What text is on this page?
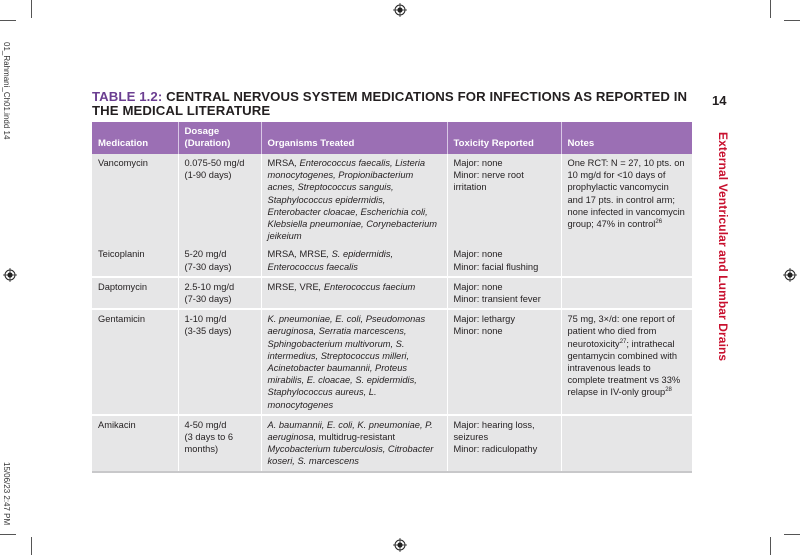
01_Rahmani_Ch01.indd 14
15/06/23 2:47 PM
14
External Ventricular and Lumbar Drains
TABLE 1.2: CENTRAL NERVOUS SYSTEM MEDICATIONS FOR INFECTIONS AS REPORTED IN THE MEDICAL LITERATURE
Medication	Dosage (Duration)	Organisms Treated	Toxicity Reported	Notes
Vancomycin	0.075-50 mg/d
(1-90 days)	MRSA, Enterococcus faecalis, Listeria monocytogenes, Propionibacterium acnes, Streptococcus sanguis, Staphylococcus epidermidis, Enterobacter cloacae, Escherichia coli, Klebsiella pneumoniae, Corynebacterium jeikeium	Major: none
Minor: nerve root irritation	One RCT: N = 27, 10 pts. on 10 mg/d for <10 days of prophylactic vancomycin and 17 pts. in control arm; none infected in vancomycin group; 47% in control$^{26}$
Teicoplanin	5-20 mg/d
(7-30 days)	MRSA, MRSE, S. epidermidis, Enterococcus faecalis	Major: none
Minor: facial flushing	
Daptomycin	2.5-10 mg/d
(7-30 days)	MRSE, VRE, Enterococcus faecium	Major: none
Minor: transient fever	
Gentamicin	1-10 mg/d
(3-35 days)	K. pneumoniae, E. coli, Pseudomonas aeruginosa, Serratia marcescens, Sphingobacterium multivorum, S. intermedius, Streptococcus milleri, Acinetobacter baumannii, Proteus mirabilis, E. cloacae, S. epidermidis, Staphylococcus aureus, L. monocytogenes	Major: lethargy
Minor: none	75 mg, 3×/d: one report of patient who died from neurotoxicity$^{27}$; intrathecal gentamycin combined with intravenous leads to complete treatment vs 33% relapse in IV-only group$^{28}$
Amikacin	4-50 mg/d
(3 days to 6 months)	A. baumannii, E. coli, K. pneumoniae, P. aeruginosa, multidrug-resistant Mycobacterium tuberculosis, Citrobacter koseri, S. marcescens	Major: hearing loss, seizures
Minor: radiculopathy	
